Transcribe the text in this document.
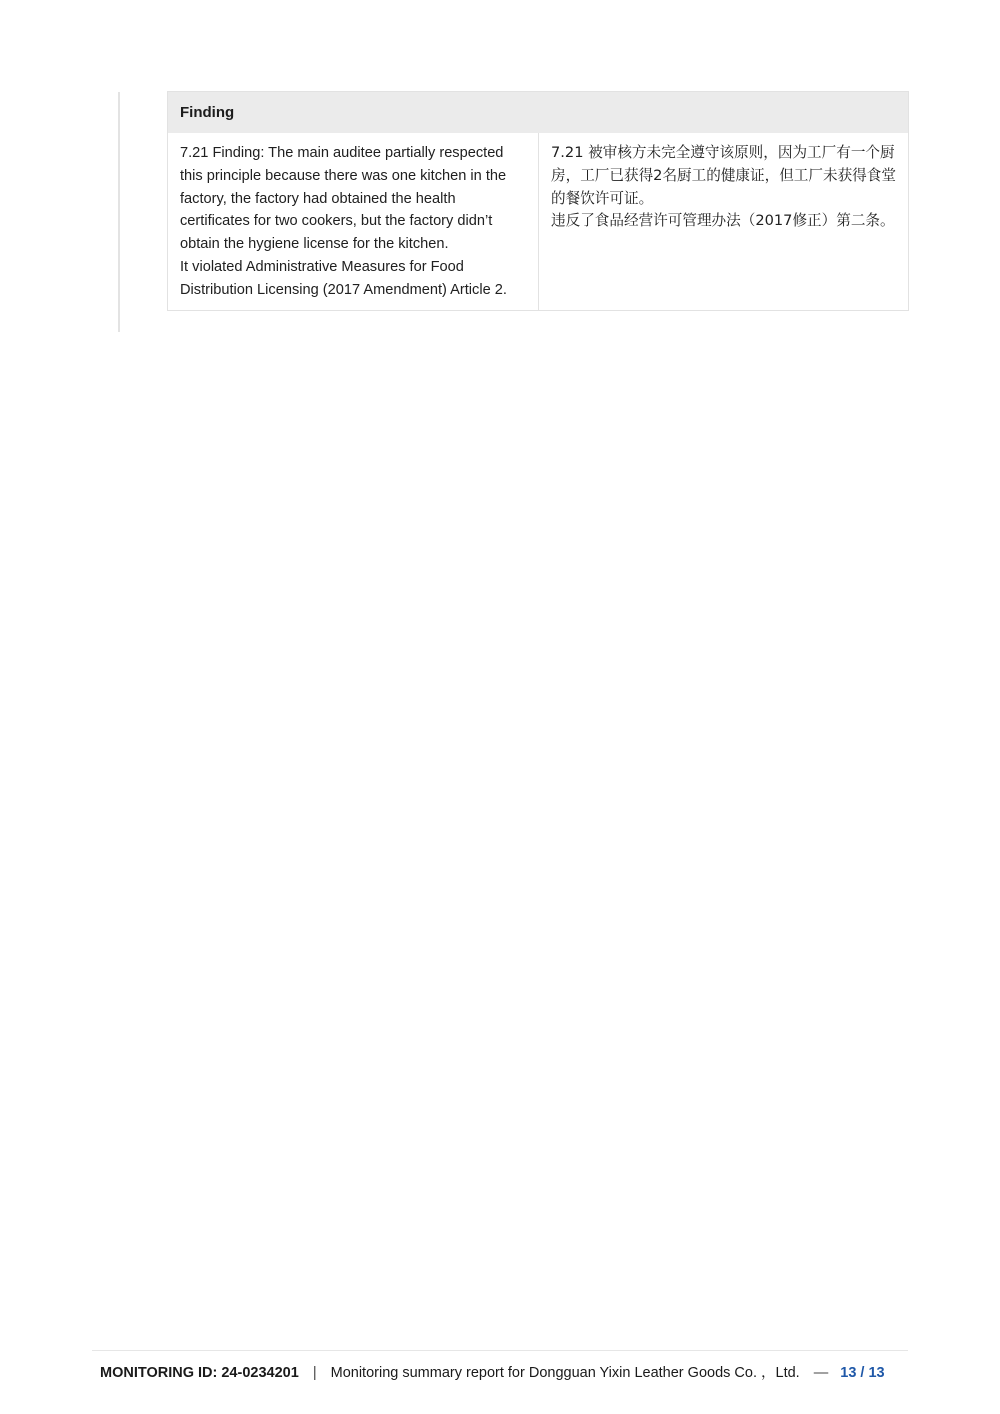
Finding
7.21 Finding: The main auditee partially respected this principle because there was one kitchen in the factory, the factory had obtained the health certificates for two cookers, but the factory didn’t obtain the hygiene license for the kitchen.
It violated Administrative Measures for Food Distribution Licensing (2017 Amendment) Article 2.
7.21 被审核方未完全遵守该原则，因为工厂有一个厨房，工厂已获得2名厨工的健康证，但工厂未获得食堂的餐饮许可证。
违反了食品经营许可管理办法（2017修正）第二条。
MONITORING ID: 24-0234201 | Monitoring summary report for Dongguan Yixin Leather Goods Co. ，Ltd. — 13 / 13
